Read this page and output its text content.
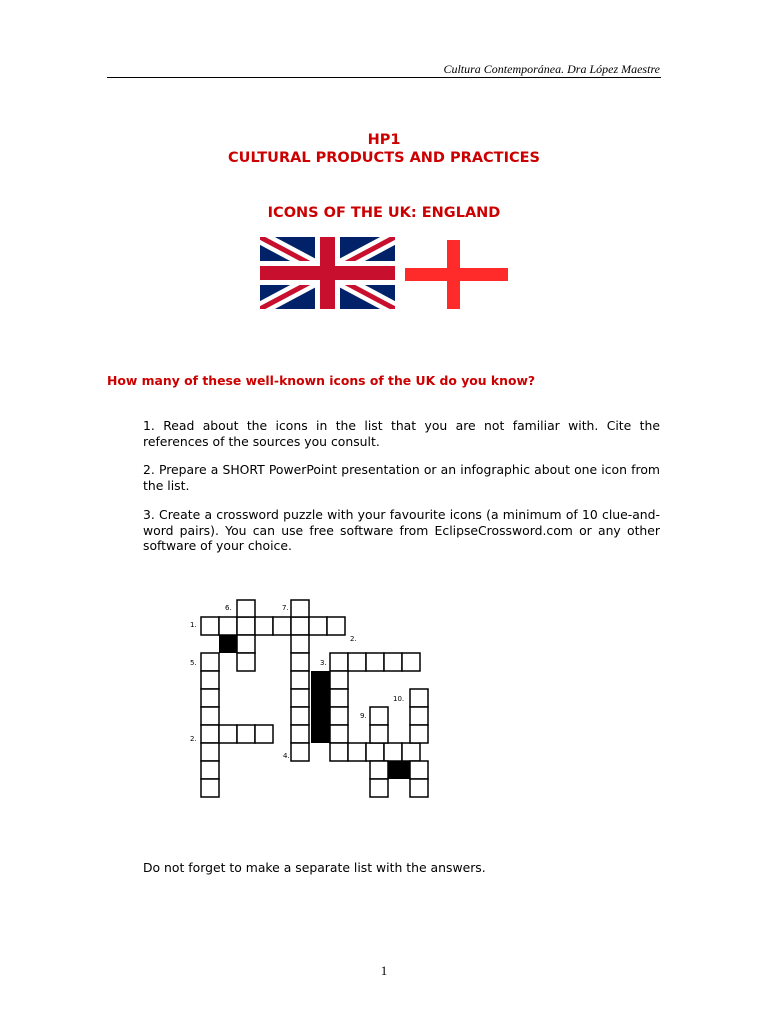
Cultura Contemporánea. Dra López Maestre
HP1
CULTURAL PRODUCTS AND PRACTICES
ICONS OF THE UK: ENGLAND
How many of these well-known icons of the UK do you know?
1. Read about the icons in the list that you are not familiar with. Cite the references of the sources you consult.
2. Prepare a SHORT PowerPoint presentation or an infographic about one icon from the list.
3. Create a crossword puzzle with your favourite icons (a minimum of 10 clue-and-word pairs). You can use free software from EclipseCrossword.com or any other software of your choice.
1.
2.
3.
4.
5.
6.	7.
2.
9.
10.
Do not forget to make a separate list with the answers.
1
